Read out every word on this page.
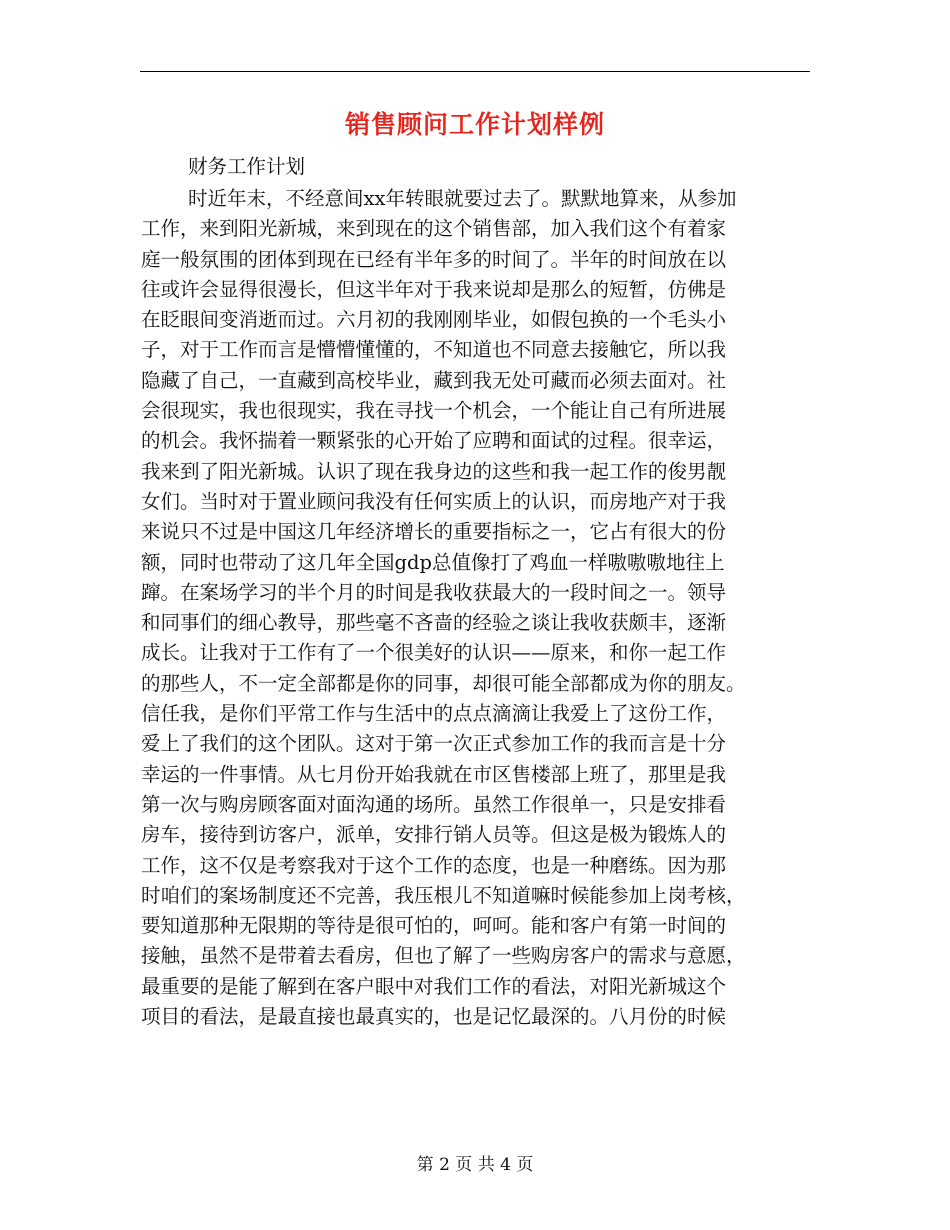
销售顾问工作计划样例
财务工作计划
时近年末，不经意间xx年转眼就要过去了。默默地算来，从参加
工作，来到阳光新城，来到现在的这个销售部，加入我们这个有着家
庭一般氛围的团体到现在已经有半年多的时间了。半年的时间放在以
往或许会显得很漫长，但这半年对于我来说却是那么的短暂，仿佛是
在眨眼间变消逝而过。六月初的我刚刚毕业，如假包换的一个毛头小
子，对于工作而言是懵懵懂懂的，不知道也不同意去接触它，所以我
隐藏了自己，一直藏到高校毕业，藏到我无处可藏而必须去面对。社
会很现实，我也很现实，我在寻找一个机会，一个能让自己有所进展
的机会。我怀揣着一颗紧张的心开始了应聘和面试的过程。很幸运，
我来到了阳光新城。认识了现在我身边的这些和我一起工作的俊男靓
女们。当时对于置业顾问我没有任何实质上的认识，而房地产对于我
来说只不过是中国这几年经济增长的重要指标之一，它占有很大的份
额，同时也带动了这几年全国gdp总值像打了鸡血一样嗷嗷嗷地往上
蹿。在案场学习的半个月的时间是我收获最大的一段时间之一。领导
和同事们的细心教导，那些毫不吝啬的经验之谈让我收获颇丰，逐渐
成长。让我对于工作有了一个很美好的认识——原来，和你一起工作
的那些人，不一定全部都是你的同事，却很可能全部都成为你的朋友。
信任我，是你们平常工作与生活中的点点滴滴让我爱上了这份工作，
爱上了我们的这个团队。这对于第一次正式参加工作的我而言是十分
幸运的一件事情。从七月份开始我就在市区售楼部上班了，那里是我
第一次与购房顾客面对面沟通的场所。虽然工作很单一，只是安排看
房车，接待到访客户，派单，安排行销人员等。但这是极为锻炼人的
工作，这不仅是考察我对于这个工作的态度，也是一种磨练。因为那
时咱们的案场制度还不完善，我压根儿不知道嘛时候能参加上岗考核，
要知道那种无限期的等待是很可怕的，呵呵。能和客户有第一时间的
接触，虽然不是带着去看房，但也了解了一些购房客户的需求与意愿，
最重要的是能了解到在客户眼中对我们工作的看法，对阳光新城这个
项目的看法，是最直接也最真实的，也是记忆最深的。八月份的时候
第 2 页 共 4 页
